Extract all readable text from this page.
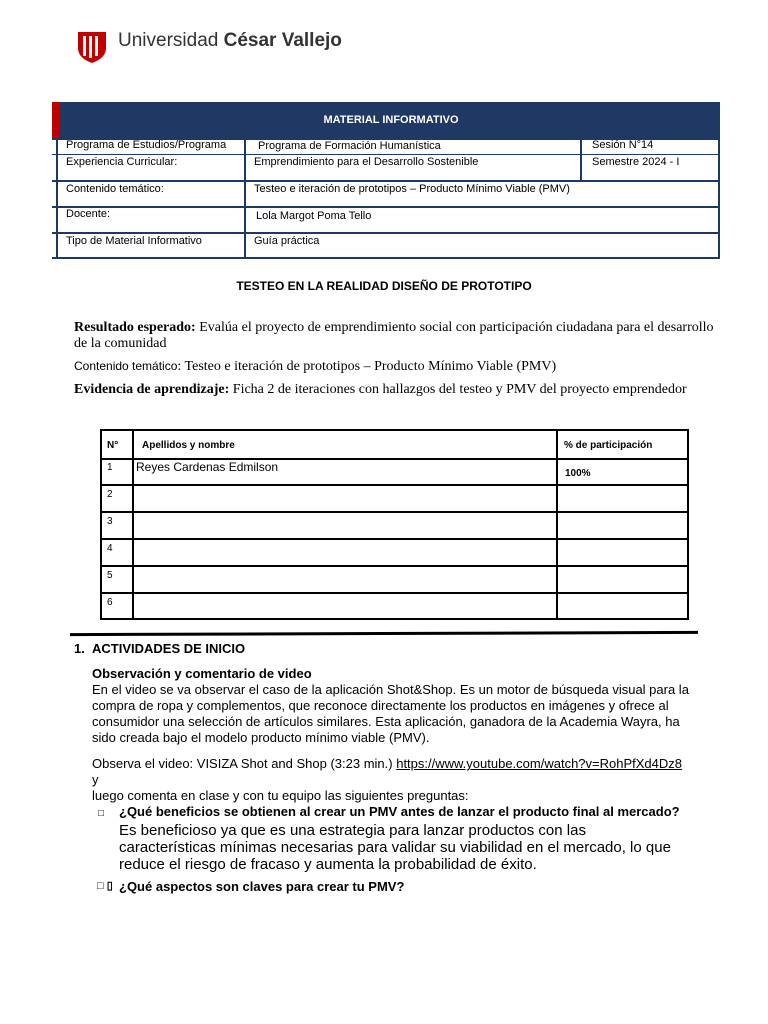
Universidad César Vallejo
MATERIAL INFORMATIVO
Programa de Estudios/Programa	Programa de Formación Humanística	Sesión N°14
Experiencia Curricular:	Emprendimiento para el Desarrollo Sostenible	Semestre 2024 - I
Contenido temático:	Testeo e iteración de prototipos – Producto Mínimo Viable (PMV)
Docente:	Lola Margot Poma Tello
Tipo de Material Informativo	Guía práctica
TESTEO EN LA REALIDAD DISEÑO DE PROTOTIPO
Resultado esperado: Evalúa el proyecto de emprendimiento social con participación ciudadana para el desarrollo de la comunidad
Contenido temático: Testeo e iteración de prototipos – Producto Mínimo Viable (PMV)
Evidencia de aprendizaje: Ficha 2 de iteraciones con hallazgos del testeo y PMV del proyecto emprendedor
N° Apellidos y nombre	% de participación
1 Reyes Cardenas Edmilson	100%
2
3
4
5
6
1. ACTIVIDADES DE INICIO
Observación y comentario de video
En el video se va observar el caso de la aplicación Shot&Shop. Es un motor de búsqueda visual para la compra de ropa y complementos, que reconoce directamente los productos en imágenes y ofrece al consumidor una selección de artículos similares. Esta aplicación, ganadora de la Academia Wayra, ha sido creada bajo el modelo producto mínimo viable (PMV).
Observa el video: VISIZA Shot and Shop (3:23 min.) https://www.youtube.com/watch?v=RohPfXd4Dz8 y
luego comenta en clase y con tu equipo las siguientes preguntas:
□ ¿Qué beneficios se obtienen al crear un PMV antes de lanzar el producto final al mercado?
Es beneficioso ya que es una estrategia para lanzar productos con las características mínimas necesarias para validar su viabilidad en el mercado, lo que reduce el riesgo de fracaso y aumenta la probabilidad de éxito.
□ ▯ ¿Qué aspectos son claves para crear tu PMV?
